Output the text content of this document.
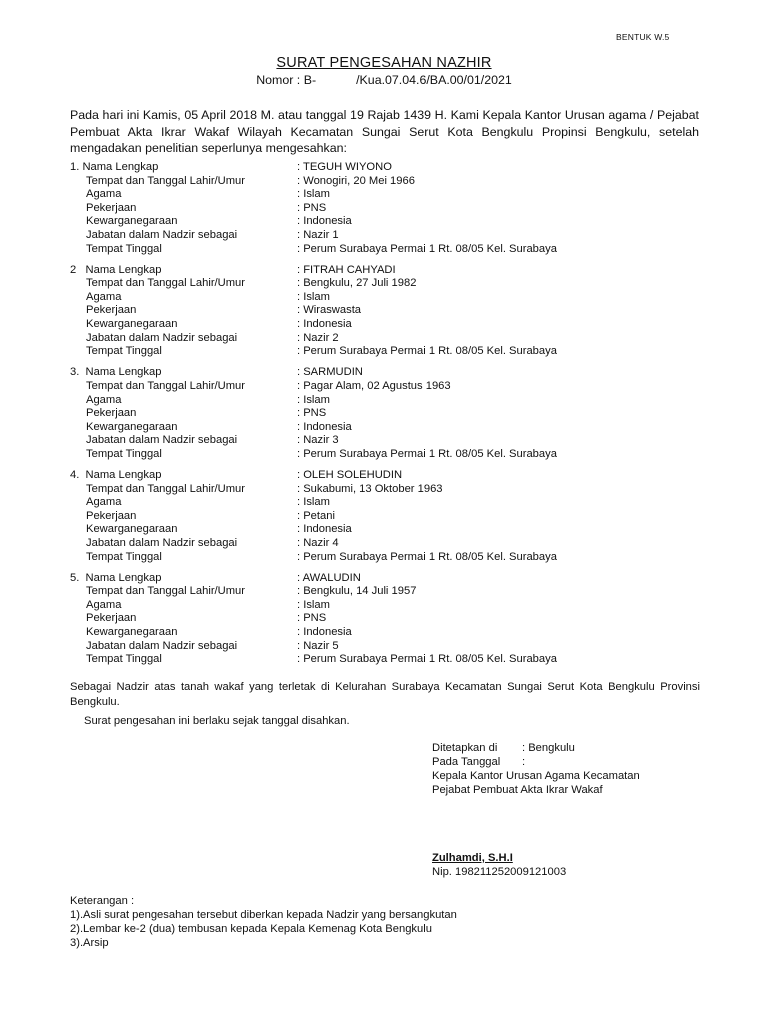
BENTUK W.5
SURAT PENGESAHAN NAZHIR
Nomor : B-	/Kua.07.04.6/BA.00/01/2021
Pada hari ini Kamis, 05 April 2018 M. atau tanggal 19 Rajab 1439 H. Kami Kepala Kantor Urusan agama / Pejabat Pembuat Akta Ikrar Wakaf Wilayah Kecamatan Sungai Serut Kota Bengkulu Propinsi Bengkulu, setelah mengadakan penelitian seperlunya mengesahkan:
1. Nama Lengkap	: TEGUH WIYONO
Tempat dan Tanggal Lahir/Umur	: Wonogiri, 20 Mei 1966
Agama	: Islam
Pekerjaan	: PNS
Kewarganegaraan	: Indonesia
Jabatan dalam Nadzir sebagai	: Nazir 1
Tempat Tinggal	: Perum Surabaya Permai 1 Rt. 08/05 Kel. Surabaya
2   Nama Lengkap	: FITRAH CAHYADI
Tempat dan Tanggal Lahir/Umur	: Bengkulu, 27 Juli 1982
Agama	: Islam
Pekerjaan	: Wiraswasta
Kewarganegaraan	: Indonesia
Jabatan dalam Nadzir sebagai	: Nazir 2
Tempat Tinggal	: Perum Surabaya Permai 1 Rt. 08/05 Kel. Surabaya
3.  Nama Lengkap	: SARMUDIN
Tempat dan Tanggal Lahir/Umur	: Pagar Alam, 02 Agustus 1963
Agama	: Islam
Pekerjaan	: PNS
Kewarganegaraan	: Indonesia
Jabatan dalam Nadzir sebagai	: Nazir 3
Tempat Tinggal	: Perum Surabaya Permai 1 Rt. 08/05 Kel. Surabaya
4.  Nama Lengkap	: OLEH SOLEHUDIN
Tempat dan Tanggal Lahir/Umur	: Sukabumi, 13 Oktober 1963
Agama	: Islam
Pekerjaan	: Petani
Kewarganegaraan	: Indonesia
Jabatan dalam Nadzir sebagai	: Nazir 4
Tempat Tinggal	: Perum Surabaya Permai 1 Rt. 08/05 Kel. Surabaya
5.  Nama Lengkap	: AWALUDIN
Tempat dan Tanggal Lahir/Umur	: Bengkulu, 14 Juli 1957
Agama	: Islam
Pekerjaan	: PNS
Kewarganegaraan	: Indonesia
Jabatan dalam Nadzir sebagai	: Nazir 5
Tempat Tinggal	: Perum Surabaya Permai 1 Rt. 08/05 Kel. Surabaya
Sebagai Nadzir atas tanah wakaf yang terletak di Kelurahan Surabaya Kecamatan Sungai Serut Kota Bengkulu Provinsi Bengkulu.
Surat pengesahan ini berlaku sejak tanggal disahkan.
Ditetapkan di	: Bengkulu
Pada Tanggal	:
Kepala Kantor Urusan Agama Kecamatan
Pejabat Pembuat Akta Ikrar Wakaf
Zulhamdi, S.H.I
Nip. 198211252009121003
Keterangan :
1).Asli surat pengesahan tersebut diberkan kepada Nadzir yang bersangkutan
2).Lembar ke-2 (dua) tembusan kepada Kepala Kemenag Kota Bengkulu
3).Arsip
